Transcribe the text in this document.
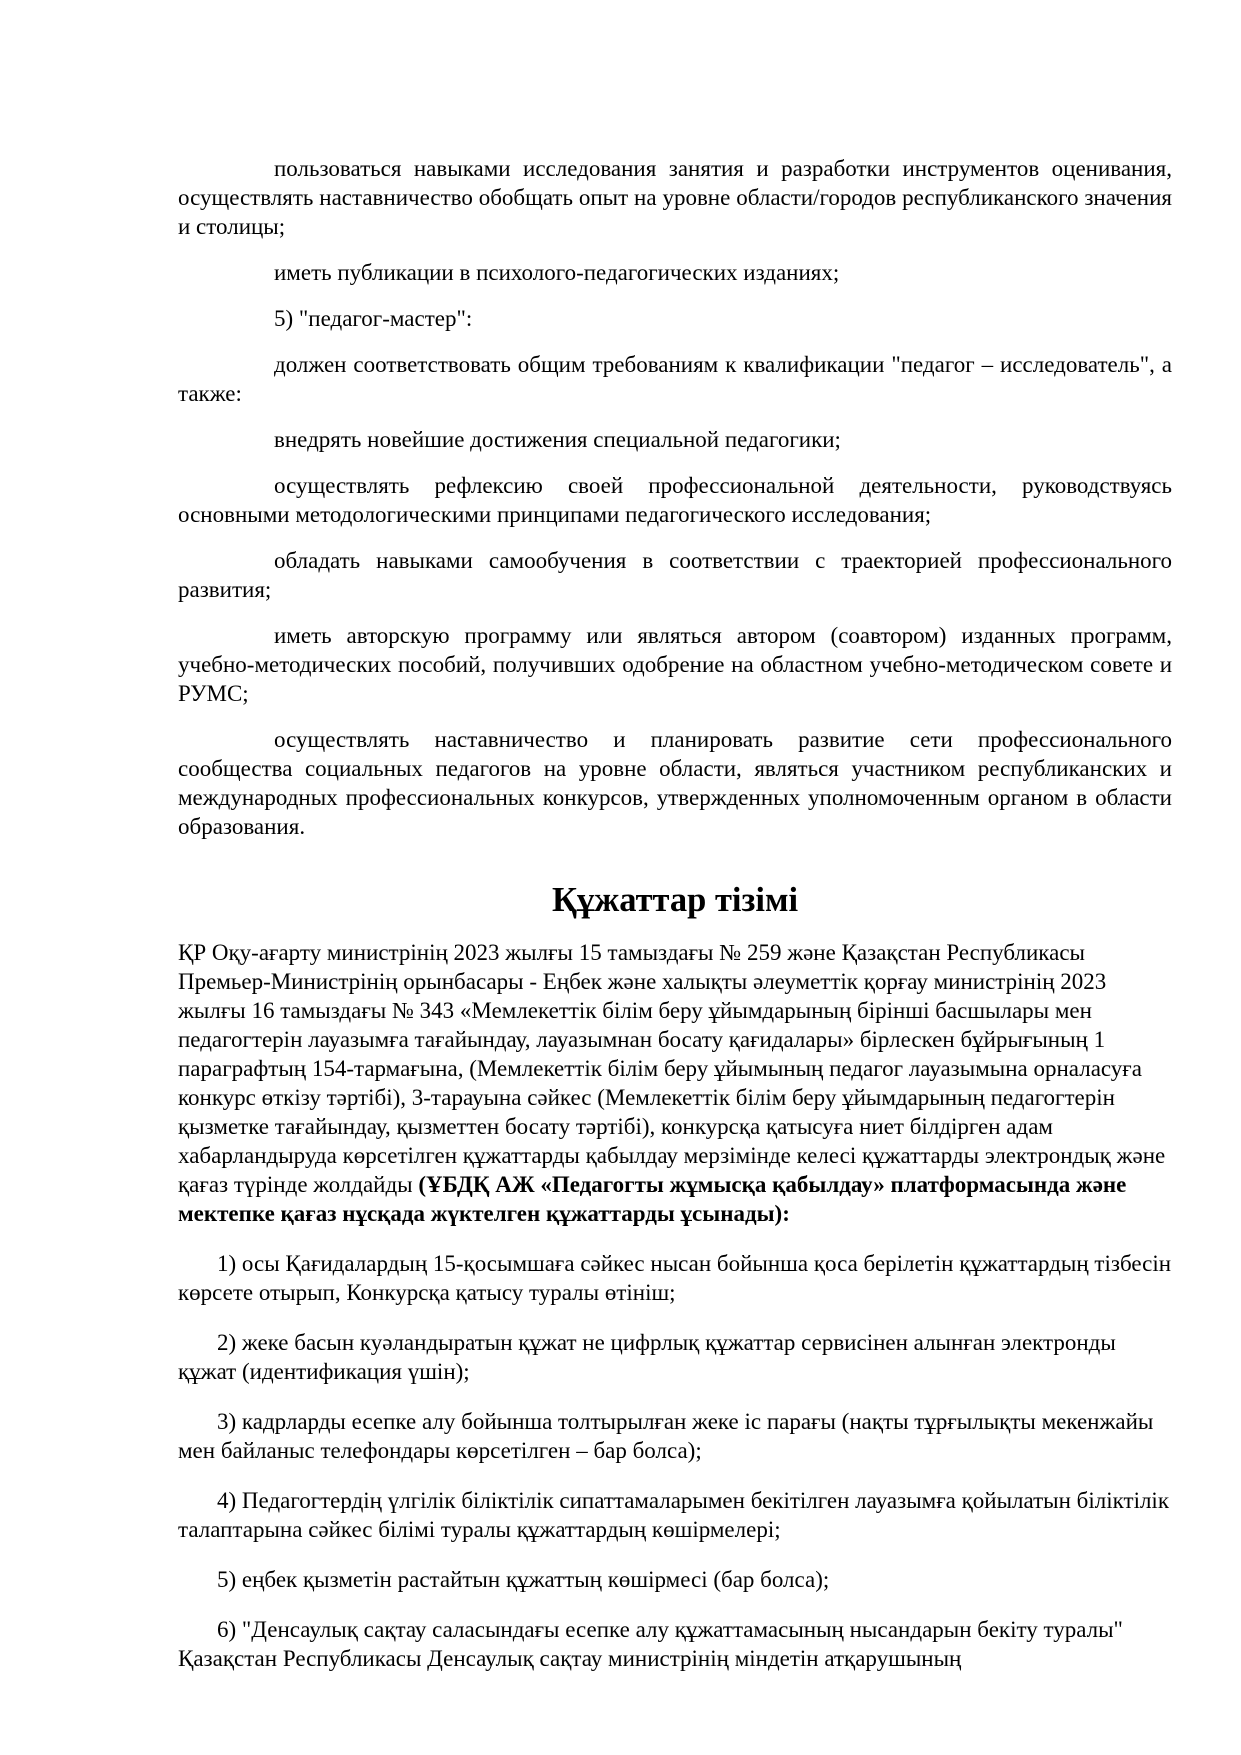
пользоваться навыками исследования занятия и разработки инструментов оценивания, осуществлять наставничество обобщать опыт на уровне области/городов республиканского значения и столицы;

иметь публикации в психолого-педагогических изданиях;

5) "педагог-мастер":

должен соответствовать общим требованиям к квалификации "педагог – исследователь", а также:

внедрять новейшие достижения специальной педагогики;

осуществлять рефлексию своей профессиональной деятельности, руководствуясь основными методологическими принципами педагогического исследования;

обладать навыками самообучения в соответствии с траекторией профессионального развития;

иметь авторскую программу или являться автором (соавтором) изданных программ, учебно-методических пособий, получивших одобрение на областном учебно-методическом совете и РУМС;

осуществлять наставничество и планировать развитие сети профессионального сообщества социальных педагогов на уровне области, являться участником республиканских и международных профессиональных конкурсов, утвержденных уполномоченным органом в области образования.

Құжаттар тізімі

ҚР Оқу-ағарту министрінің 2023 жылғы 15 тамыздағы № 259 және Қазақстан Республикасы Премьер-Министрінің орынбасары - Еңбек және халықты әлеуметтік қорғау министрінің 2023 жылғы 16 тамыздағы № 343 «Мемлекеттік білім беру ұйымдарының бірінші басшылары мен педагогтерін лауазымға тағайындау, лауазымнан босату қағидалары» бірлескен бұйрығының 1 параграфтың 154-тармағына, (Мемлекеттік білім беру ұйымының педагог лауазымына орналасуға конкурс өткізу тәртібі), 3-тарауына сәйкес (Мемлекеттік білім беру ұйымдарының педагогтерін қызметке тағайындау, қызметтен босату тәртібі), конкурсқа қатысуға ниет білдірген адам хабарландыруда көрсетілген құжаттарды қабылдау мерзімінде келесі құжаттарды электрондық және қағаз түрінде жолдайды (ҰБДҚ АЖ «Педагогты жұмысқа қабылдау» платформасында және мектепке қағаз нұсқада жүктелген құжаттарды ұсынады):

1) осы Қағидалардың 15-қосымшаға сәйкес нысан бойынша қоса берілетін құжаттардың тізбесін көрсете отырып, Конкурсқа қатысу туралы өтініш;

2) жеке басын куәландыратын құжат не цифрлық құжаттар сервисінен алынған электронды құжат (идентификация үшін);

3) кадрларды есепке алу бойынша толтырылған жеке іс парағы (нақты тұрғылықты мекенжайы мен байланыс телефондары көрсетілген – бар болса);

4) Педагогтердің үлгілік біліктілік сипаттамаларымен бекітілген лауазымға қойылатын біліктілік талаптарына сәйкес білімі туралы құжаттардың көшірмелері;

5) еңбек қызметін растайтын құжаттың көшірмесі (бар болса);

6) "Денсаулық сақтау саласындағы есепке алу құжаттамасының нысандарын бекіту туралы" Қазақстан Республикасы Денсаулық сақтау министрінің міндетін атқарушының
